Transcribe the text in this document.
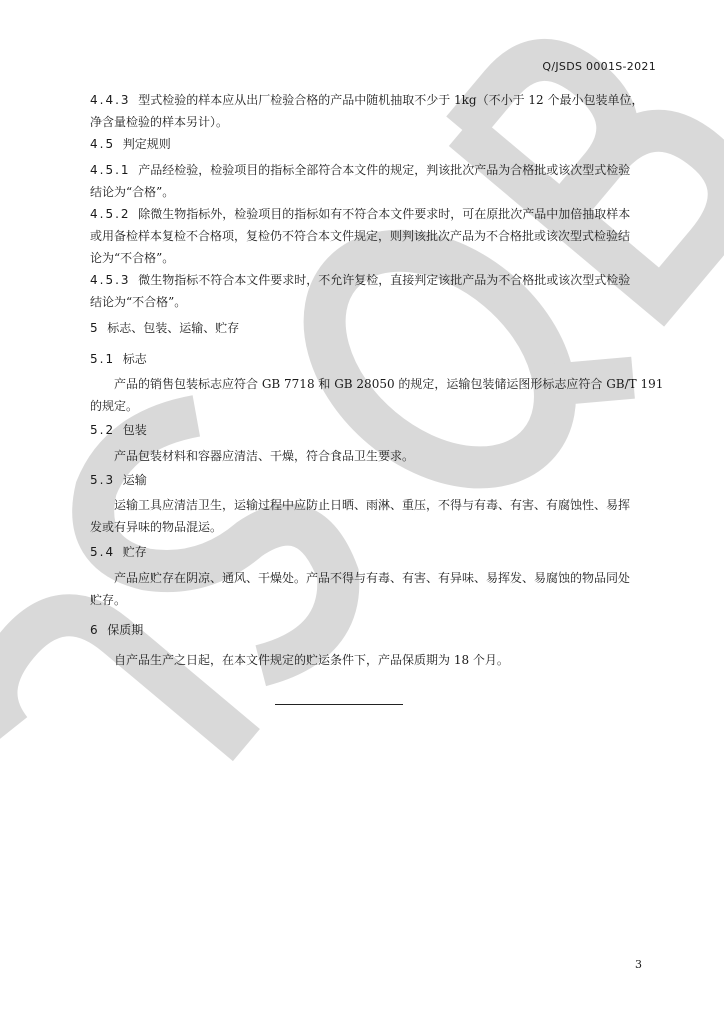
Q/JSDS 0001S-2021
4.4.3 型式检验的样本应从出厂检验合格的产品中随机抽取不少于 1kg（不小于 12 个最小包装单位，
净含量检验的样本另计）。
4.5 判定规则
4.5.1 产品经检验，检验项目的指标全部符合本文件的规定，判该批次产品为合格批或该次型式检验
结论为“合格”。
4.5.2 除微生物指标外，检验项目的指标如有不符合本文件要求时，可在原批次产品中加倍抽取样本
或用备检样本复检不合格项，复检仍不符合本文件规定，则判该批次产品为不合格批或该次型式检验结
论为“不合格”。
4.5.3 微生物指标不符合本文件要求时，不允许复检，直接判定该批产品为不合格批或该次型式检验
结论为“不合格”。
5 标志、包装、运输、贮存
5.1 标志
产品的销售包装标志应符合 GB 7718 和 GB 28050 的规定，运输包装储运图形标志应符合 GB/T 191
的规定。
5.2 包装
产品包装材料和容器应清洁、干燥，符合食品卫生要求。
5.3 运输
运输工具应清洁卫生，运输过程中应防止日晒、雨淋、重压，不得与有毒、有害、有腐蚀性、易挥
发或有异味的物品混运。
5.4 贮存
产品应贮存在阴凉、通风、干燥处。产品不得与有毒、有害、有异味、易挥发、易腐蚀的物品同处
贮存。
6 保质期
自产品生产之日起，在本文件规定的贮运条件下，产品保质期为 18 个月。
3
